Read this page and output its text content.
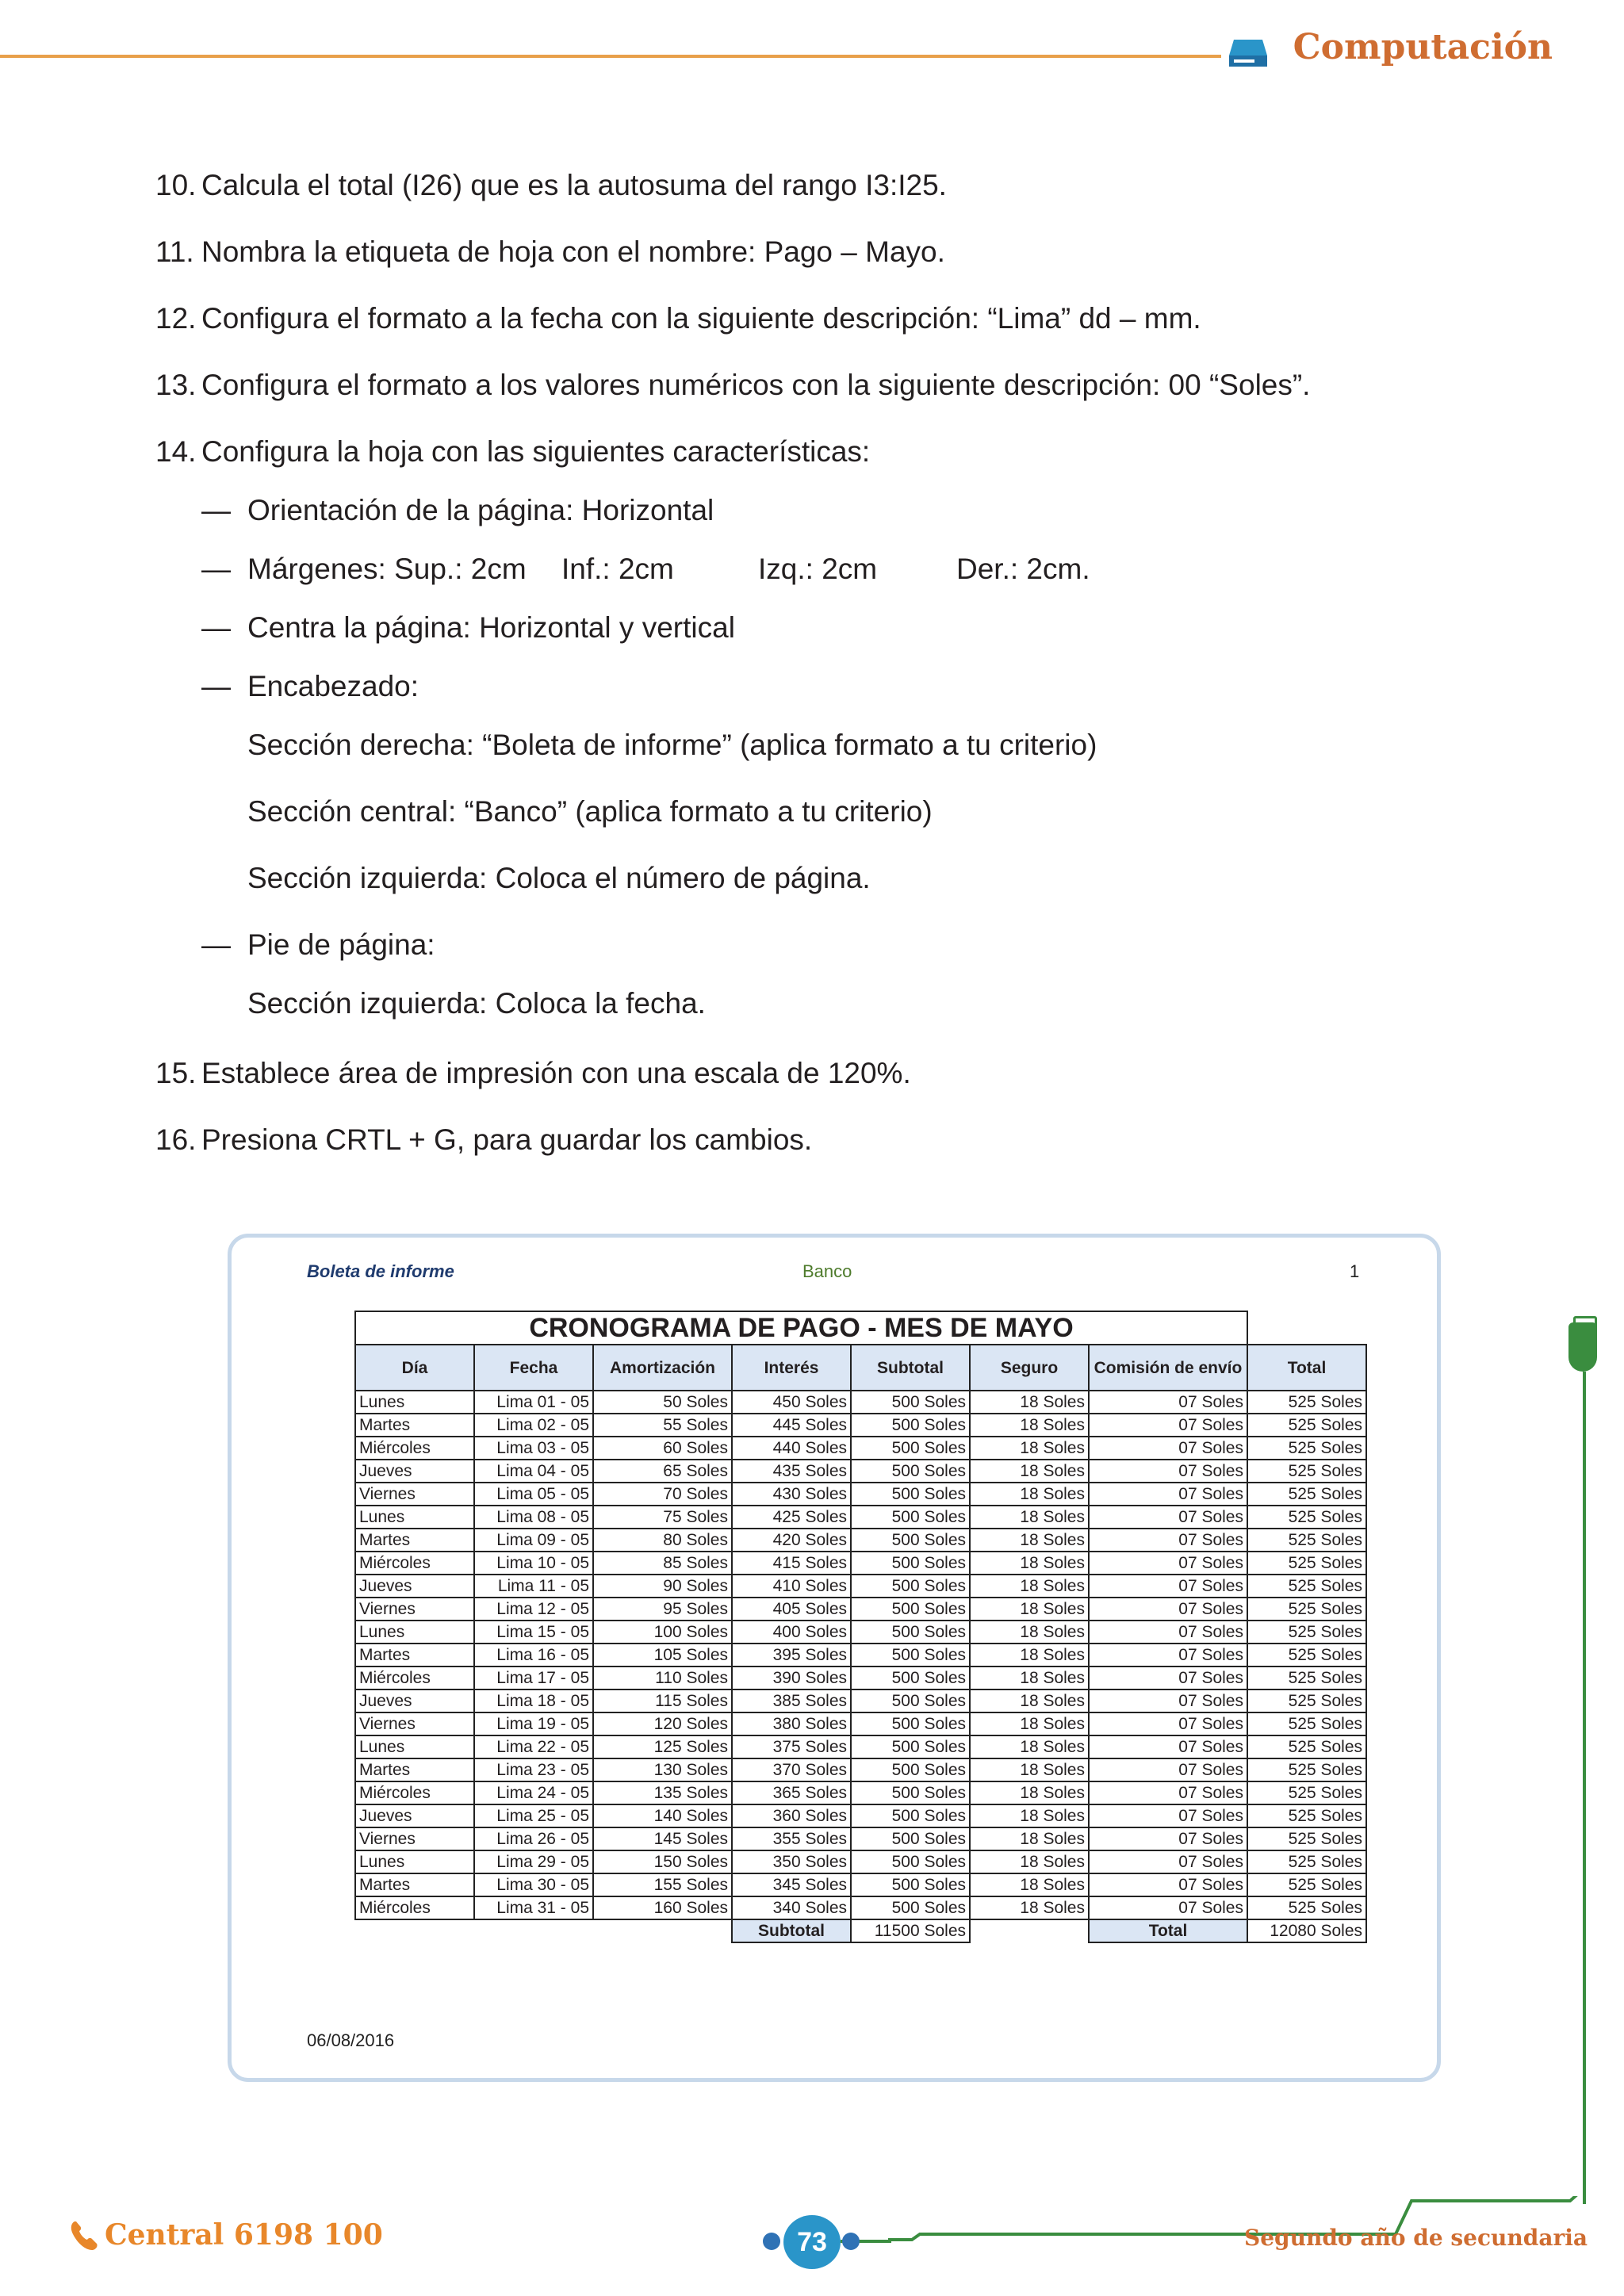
Computación
10. Calcula el total (I26) que es la autosuma del rango I3:I25.
11. Nombra la etiqueta de hoja con el nombre: Pago – Mayo.
12. Configura el formato a la fecha con la siguiente descripción: “Lima” dd – mm.
13. Configura el formato a los valores numéricos con la siguiente descripción: 00 “Soles”.
14. Configura la hoja con las siguientes características:
— Orientación de la página: Horizontal
— Márgenes: Sup.: 2cm Inf.: 2cm	Izq.: 2cm	Der.: 2cm.
— Centra la página: Horizontal y vertical
— Encabezado:
Sección derecha: “Boleta de informe” (aplica formato a tu criterio)
Sección central: “Banco” (aplica formato a tu criterio)
Sección izquierda: Coloca el número de página.
— Pie de página:
Sección izquierda: Coloca la fecha.
15. Establece área de impresión con una escala de 120%.
16. Presiona CRTL + G, para guardar los cambios.
Boleta de informe	Banco	1
CRONOGRAMA DE PAGO - MES DE MAYO							
Día	Fecha	Amortización	Interés	Subtotal	Seguro	Comisión de envío	Total
Lunes	Lima 01 - 05	50 Soles	450 Soles	500 Soles	18 Soles	07 Soles	525 Soles
Martes	Lima 02 - 05	55 Soles	445 Soles	500 Soles	18 Soles	07 Soles	525 Soles
Miércoles	Lima 03 - 05	60 Soles	440 Soles	500 Soles	18 Soles	07 Soles	525 Soles
Jueves	Lima 04 - 05	65 Soles	435 Soles	500 Soles	18 Soles	07 Soles	525 Soles
Viernes	Lima 05 - 05	70 Soles	430 Soles	500 Soles	18 Soles	07 Soles	525 Soles
Lunes	Lima 08 - 05	75 Soles	425 Soles	500 Soles	18 Soles	07 Soles	525 Soles
Martes	Lima 09 - 05	80 Soles	420 Soles	500 Soles	18 Soles	07 Soles	525 Soles
Miércoles	Lima 10 - 05	85 Soles	415 Soles	500 Soles	18 Soles	07 Soles	525 Soles
Jueves	Lima 11 - 05	90 Soles	410 Soles	500 Soles	18 Soles	07 Soles	525 Soles
Viernes	Lima 12 - 05	95 Soles	405 Soles	500 Soles	18 Soles	07 Soles	525 Soles
Lunes	Lima 15 - 05	100 Soles	400 Soles	500 Soles	18 Soles	07 Soles	525 Soles
Martes	Lima 16 - 05	105 Soles	395 Soles	500 Soles	18 Soles	07 Soles	525 Soles
Miércoles	Lima 17 - 05	110 Soles	390 Soles	500 Soles	18 Soles	07 Soles	525 Soles
Jueves	Lima 18 - 05	115 Soles	385 Soles	500 Soles	18 Soles	07 Soles	525 Soles
Viernes	Lima 19 - 05	120 Soles	380 Soles	500 Soles	18 Soles	07 Soles	525 Soles
Lunes	Lima 22 - 05	125 Soles	375 Soles	500 Soles	18 Soles	07 Soles	525 Soles
Martes	Lima 23 - 05	130 Soles	370 Soles	500 Soles	18 Soles	07 Soles	525 Soles
Miércoles	Lima 24 - 05	135 Soles	365 Soles	500 Soles	18 Soles	07 Soles	525 Soles
Jueves	Lima 25 - 05	140 Soles	360 Soles	500 Soles	18 Soles	07 Soles	525 Soles
Viernes	Lima 26 - 05	145 Soles	355 Soles	500 Soles	18 Soles	07 Soles	525 Soles
Lunes	Lima 29 - 05	150 Soles	350 Soles	500 Soles	18 Soles	07 Soles	525 Soles
Martes	Lima 30 - 05	155 Soles	345 Soles	500 Soles	18 Soles	07 Soles	525 Soles
Miércoles	Lima 31 - 05	160 Soles	340 Soles	500 Soles	18 Soles	07 Soles	525 Soles
			Subtotal	11500 Soles		Total	12080 Soles
06/08/2016
Central 6198 100	73	Segundo año de secundaria
